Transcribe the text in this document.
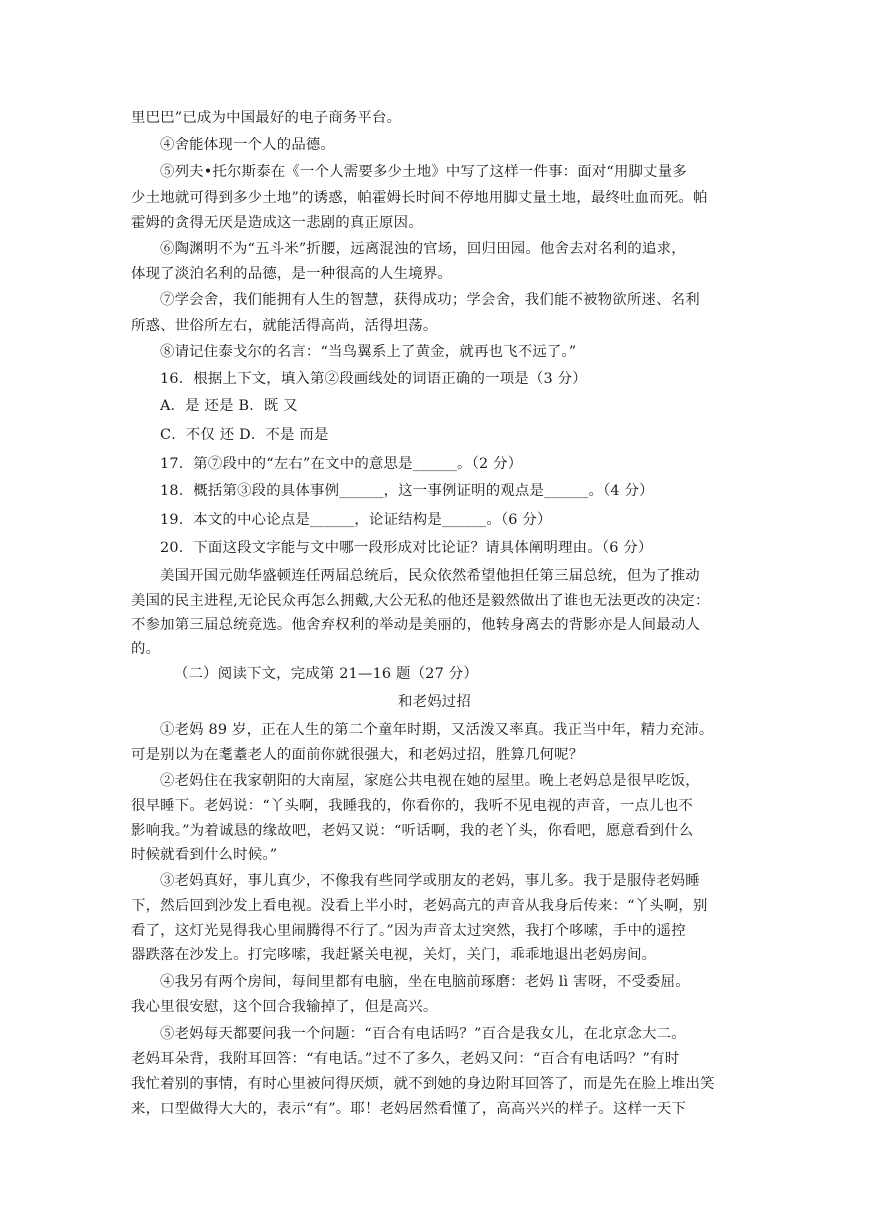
里巴巴”已成为中国最好的电子商务平台。
④舍能体现一个人的品德。
⑤列夫•托尔斯泰在《一个人需要多少土地》中写了这样一件事：面对“用脚丈量多
少土地就可得到多少土地”的诱惑，帕霍姆长时间不停地用脚丈量土地，最终吐血而死。帕
霍姆的贪得无厌是造成这一悲剧的真正原因。
⑥陶渊明不为“五斗米”折腰，远离混浊的官场，回归田园。他舍去对名利的追求，
体现了淡泊名利的品德，是一种很高的人生境界。
⑦学会舍，我们能拥有人生的智慧，获得成功；学会舍，我们能不被物欲所迷、名利
所惑、世俗所左右，就能活得高尚，活得坦荡。
⑧请记住泰戈尔的名言：“当鸟翼系上了黄金，就再也飞不远了。”
16．根据上下文，填入第②段画线处的词语正确的一项是（3 分）
A．是 还是 B．既 又
C．不仅 还 D．不是 而是
17．第⑦段中的“左右”在文中的意思是______。（2 分）
18．概括第③段的具体事例______，这一事例证明的观点是______。（4 分）
19．本文的中心论点是______，论证结构是______。（6 分）
20．下面这段文字能与文中哪一段形成对比论证？请具体阐明理由。（6 分）
美国开国元勋华盛顿连任两届总统后，民众依然希望他担任第三届总统，但为了推动
美国的民主进程,无论民众再怎么拥戴,大公无私的他还是毅然做出了谁也无法更改的决定：
不参加第三届总统竞选。他舍弃权利的举动是美丽的，他转身离去的背影亦是人间最动人
的。
（二）阅读下文，完成第 21—16 题（27 分）
和老妈过招
①老妈 89 岁，正在人生的第二个童年时期，又活泼又率真。我正当中年，精力充沛。
可是别以为在耄耋老人的面前你就很强大，和老妈过招，胜算几何呢？
②老妈住在我家朝阳的大南屋，家庭公共电视在她的屋里。晚上老妈总是很早吃饭，
很早睡下。老妈说：“丫头啊，我睡我的，你看你的，我听不见电视的声音，一点儿也不
影响我。”为着诚恳的缘故吧，老妈又说：“听话啊，我的老丫头，你看吧，愿意看到什么
时候就看到什么时候。”
③老妈真好，事儿真少，不像我有些同学或朋友的老妈，事儿多。我于是服侍老妈睡
下，然后回到沙发上看电视。没看上半小时，老妈高亢的声音从我身后传来：“丫头啊，别
看了，这灯光晃得我心里闹腾得不行了。”因为声音太过突然，我打个哆嗦，手中的遥控
器跌落在沙发上。打完哆嗦，我赶紧关电视，关灯，关门，乖乖地退出老妈房间。
④我另有两个房间，每间里都有电脑，坐在电脑前琢磨：老妈 lì 害呀，不受委屈。
我心里很安慰，这个回合我输掉了，但是高兴。
⑤老妈每天都要问我一个问题：“百合有电话吗？”百合是我女儿，在北京念大二。
老妈耳朵背，我附耳回答：“有电话。”过不了多久，老妈又问：“百合有电话吗？”有时
我忙着别的事情，有时心里被问得厌烦，就不到她的身边附耳回答了，而是先在脸上堆出笑
来，口型做得大大的，表示“有”。耶！老妈居然看懂了，高高兴兴的样子。这样一天下
